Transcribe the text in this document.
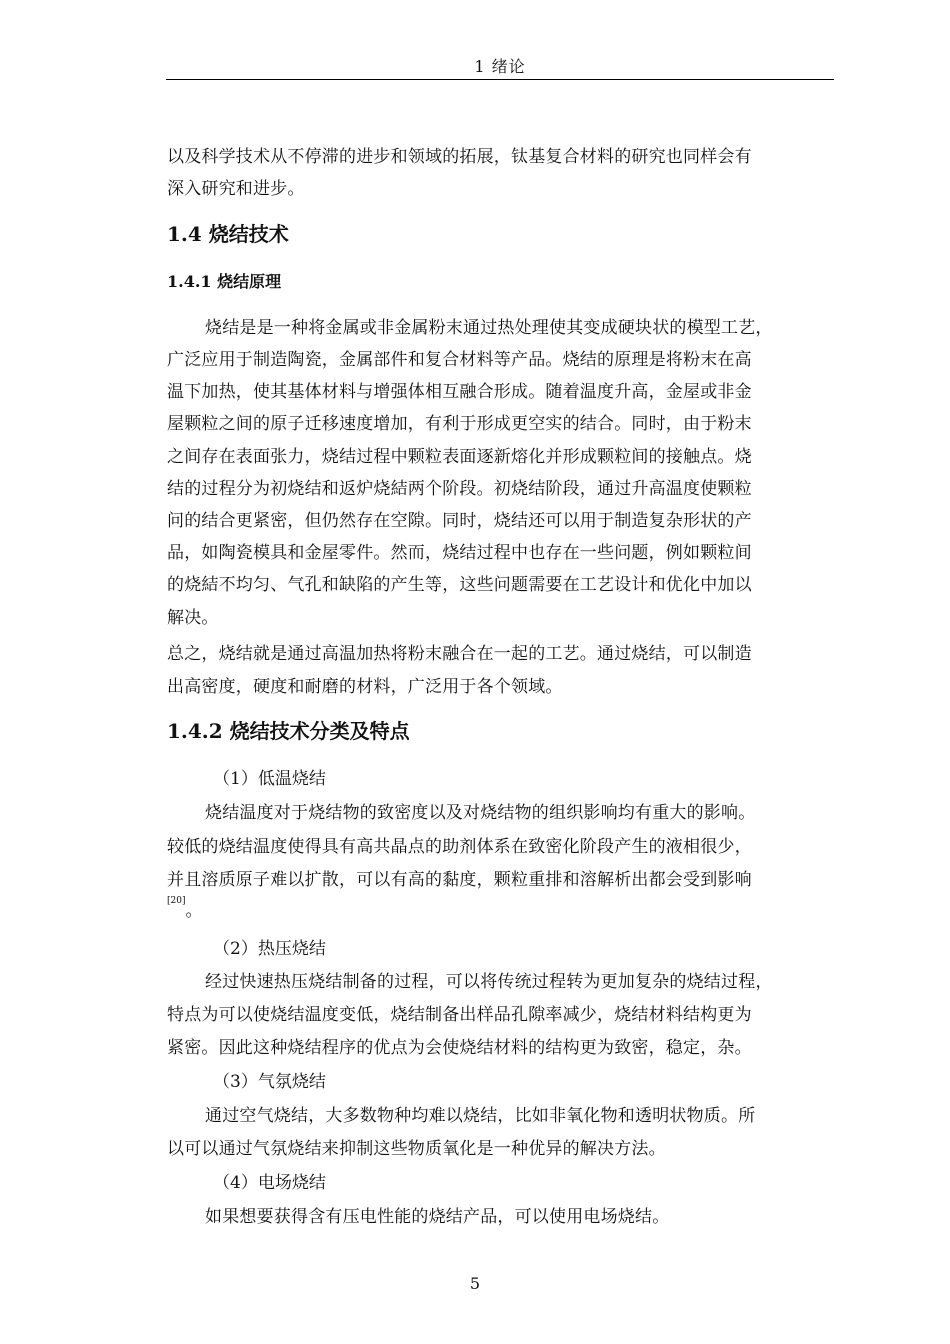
1 绪论
以及科学技术从不停滞的进步和领域的拓展，钛基复合材料的研究也同样会有
深入研究和进步。
1.4 烧结技术
1.4.1 烧结原理
烧结是是一种将金属或非金属粉末通过热处理使其变成硬块状的模型工艺，
广泛应用于制造陶瓷，金属部件和复合材料等产品。烧结的原理是将粉末在高
温下加热，使其基体材料与增强体相互融合形成。随着温度升高，金屋或非金
屋颗粒之间的原子迁移速度增加，有利于形成更空实的结合。同时，由于粉末
之间存在表面张力，烧结过程中颗粒表面逐新熔化并形成颗粒间的接触点。烧
结的过程分为初烧结和返炉烧結两个阶段。初烧结阶段，通过升高温度使颗粒
问的结合更紧密，但仍然存在空隙。同时，烧结还可以用于制造复杂形状的产
品，如陶瓷模具和金屋零件。然而，烧结过程中也存在一些问题，例如颗粒间
的烧結不均匀、气孔和缺陷的产生等，这些问题需要在工艺设计和优化中加以
解决。
总之，烧结就是通过高温加热将粉末融合在一起的工艺。通过烧结，可以制造
出高密度，硬度和耐磨的材料，广泛用于各个领域。
1.4.2 烧结技术分类及特点
（1）低温烧结
烧结温度对于烧结物的致密度以及对烧结物的组织影响均有重大的影响。
较低的烧结温度使得具有高共晶点的助剂体系在致密化阶段产生的液相很少，
并且溶质原子难以扩散，可以有高的黏度，颗粒重排和溶解析出都会受到影响
[20]。
（2）热压烧结
经过快速热压烧结制备的过程，可以将传统过程转为更加复杂的烧结过程，
特点为可以使烧结温度变低，烧结制备出样品孔隙率减少，烧结材料结构更为
紧密。因此这种烧结程序的优点为会使烧结材料的结构更为致密，稳定，杂。
（3）气氛烧结
通过空气烧结，大多数物种均难以烧结，比如非氧化物和透明状物质。所
以可以通过气氛烧结来抑制这些物质氧化是一种优异的解决方法。
（4）电场烧结
如果想要获得含有压电性能的烧结产品，可以使用电场烧结。
5
